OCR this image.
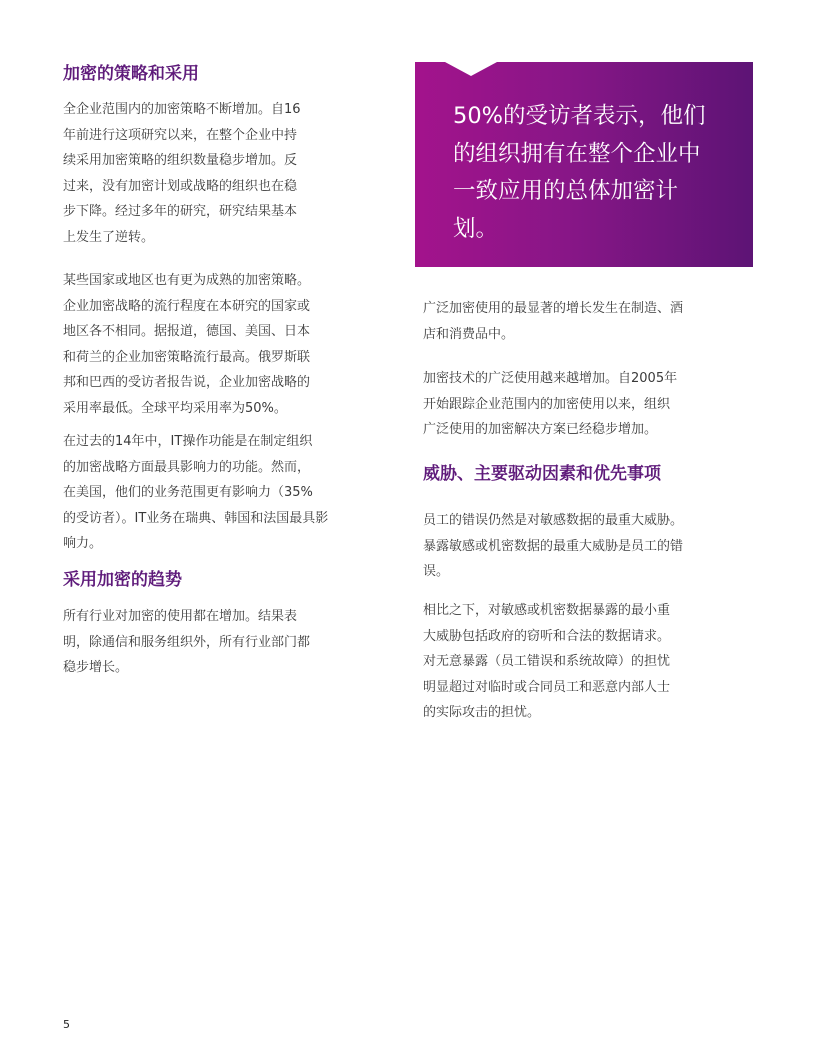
加密的策略和采用

全企业范围内的加密策略不断增加。自16
年前进行这项研究以来，在整个企业中持
续采用加密策略的组织数量稳步增加。反
过来，没有加密计划或战略的组织也在稳
步下降。经过多年的研究，研究结果基本
上发生了逆转。

某些国家或地区也有更为成熟的加密策略。
企业加密战略的流行程度在本研究的国家或
地区各不相同。据报道，德国、美国、日本
和荷兰的企业加密策略流行最高。俄罗斯联
邦和巴西的受访者报告说，企业加密战略的
采用率最低。全球平均采用率为50%。

在过去的14年中，IT操作功能是在制定组织
的加密战略方面最具影响力的功能。然而，
在美国，他们的业务范围更有影响力（35%
的受访者）。IT业务在瑞典、韩国和法国最具影
响力。

采用加密的趋势

所有行业对加密的使用都在增加。结果表
明，除通信和服务组织外，所有行业部门都
稳步增长。

50%的受访者表示，他们
的组织拥有在整个企业中
一致应用的总体加密计
划。

广泛加密使用的最显著的增长发生在制造、酒
店和消费品中。

加密技术的广泛使用越来越增加。自2005年
开始跟踪企业范围内的加密使用以来，组织
广泛使用的加密解决方案已经稳步增加。

威胁、主要驱动因素和优先事项

员工的错误仍然是对敏感数据的最重大威胁。
暴露敏感或机密数据的最重大威胁是员工的错
误。

相比之下，对敏感或机密数据暴露的最小重
大威胁包括政府的窃听和合法的数据请求。
对无意暴露（员工错误和系统故障）的担忧
明显超过对临时或合同员工和恶意内部人士
的实际攻击的担忧。

5
